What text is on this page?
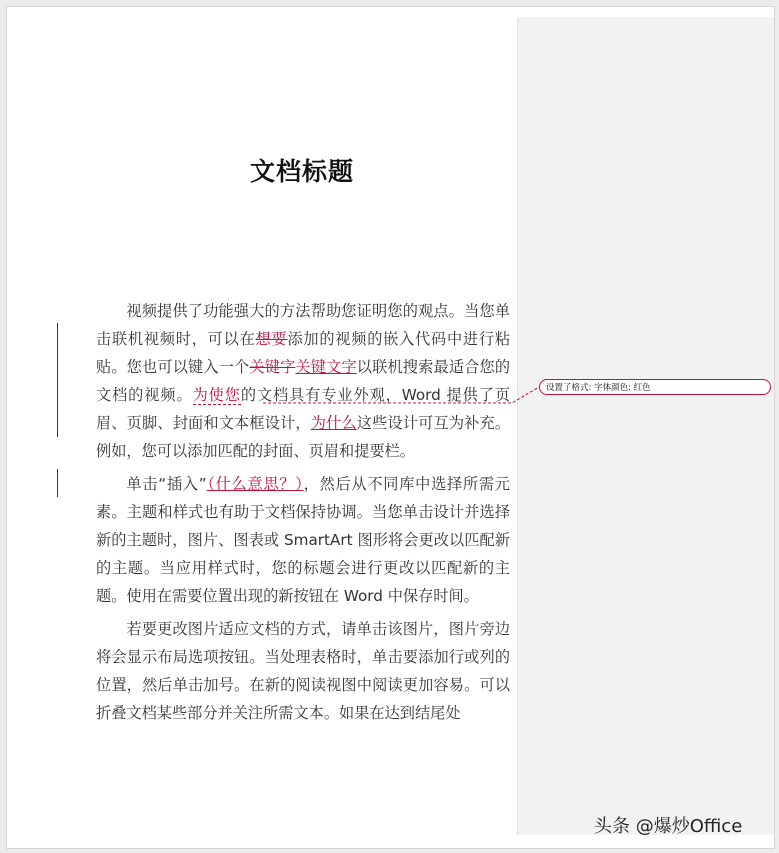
文档标题

视频提供了功能强大的方法帮助您证明您的观点。当您单击联机视频时，可以在想要添加的视频的嵌入代码中进行粘贴。您也可以键入一个关键字关键文字以联机搜索最适合您的文档的视频。为使您的文档具有专业外观，Word 提供了页眉、页脚、封面和文本框设计，为什么这些设计可互为补充。例如，您可以添加匹配的封面、页眉和提要栏。

单击“插入”（什么意思？），然后从不同库中选择所需元素。主题和样式也有助于文档保持协调。当您单击设计并选择新的主题时，图片、图表或 SmartArt 图形将会更改以匹配新的主题。当应用样式时，您的标题会进行更改以匹配新的主题。使用在需要位置出现的新按钮在 Word 中保存时间。

若要更改图片适应文档的方式，请单击该图片，图片旁边将会显示布局选项按钮。当处理表格时，单击要添加行或列的位置，然后单击加号。在新的阅读视图中阅读更加容易。可以折叠文档某些部分并关注所需文本。如果在达到结尾处

设置了格式: 字体颜色: 红色
头条 @爆炒Office
